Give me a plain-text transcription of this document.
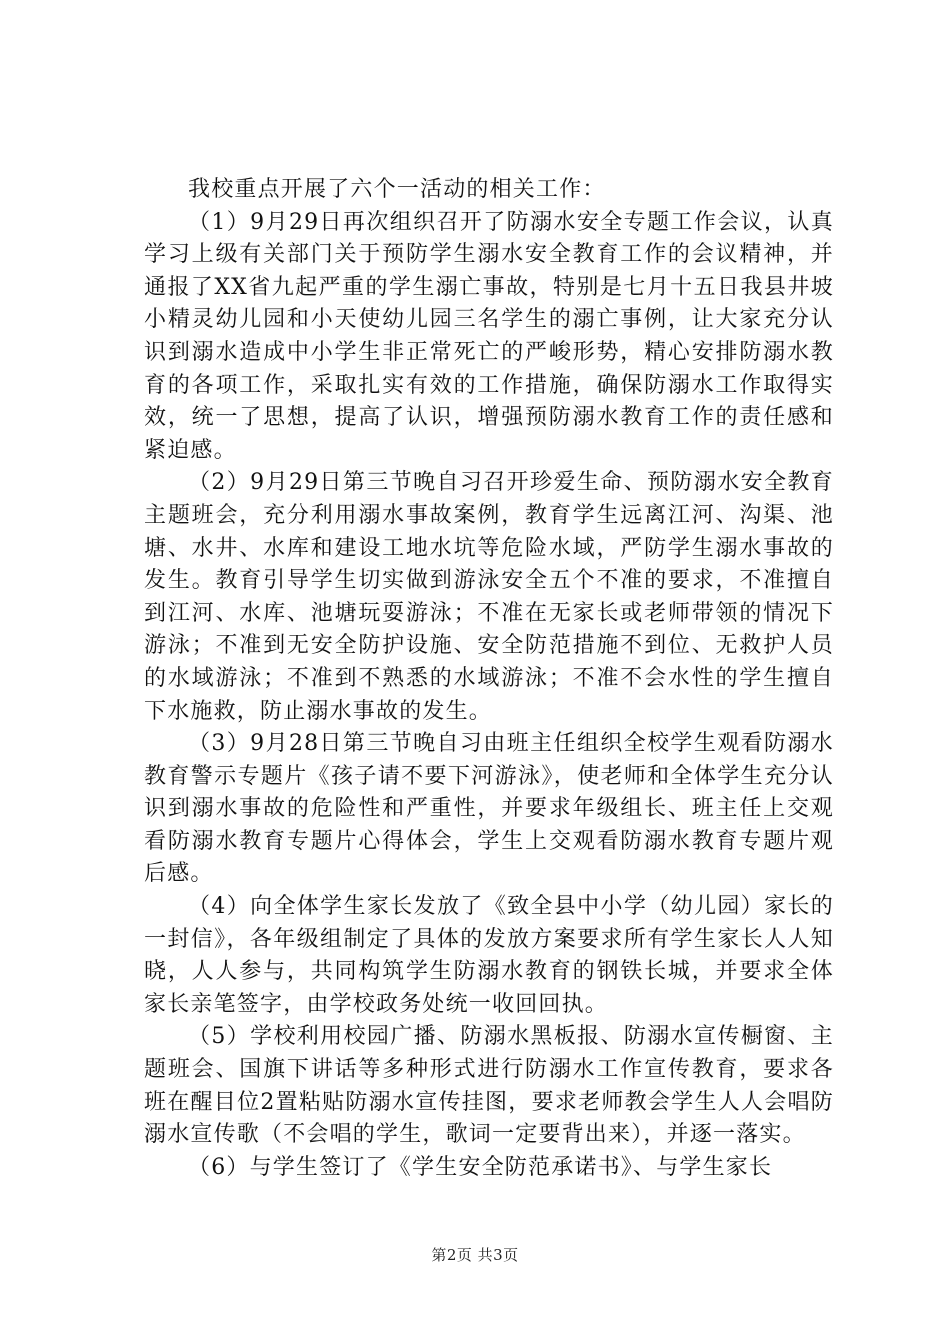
我校重点开展了六个一活动的相关工作：

（1）9月29日再次组织召开了防溺水安全专题工作会议，认真学习上级有关部门关于预防学生溺水安全教育工作的会议精神，并通报了XX省九起严重的学生溺亡事故，特别是七月十五日我县井坡小精灵幼儿园和小天使幼儿园三名学生的溺亡事例，让大家充分认识到溺水造成中小学生非正常死亡的严峻形势，精心安排防溺水教育的各项工作，采取扎实有效的工作措施，确保防溺水工作取得实效，统一了思想，提高了认识，增强预防溺水教育工作的责任感和紧迫感。

（2）9月29日第三节晚自习召开珍爱生命、预防溺水安全教育主题班会，充分利用溺水事故案例，教育学生远离江河、沟渠、池塘、水井、水库和建设工地水坑等危险水域，严防学生溺水事故的发生。教育引导学生切实做到游泳安全五个不准的要求，不准擅自到江河、水库、池塘玩耍游泳；不准在无家长或老师带领的情况下游泳；不准到无安全防护设施、安全防范措施不到位、无救护人员的水域游泳；不准到不熟悉的水域游泳；不准不会水性的学生擅自下水施救，防止溺水事故的发生。

（3）9月28日第三节晚自习由班主任组织全校学生观看防溺水教育警示专题片《孩子请不要下河游泳》，使老师和全体学生充分认识到溺水事故的危险性和严重性，并要求年级组长、班主任上交观看防溺水教育专题片心得体会，学生上交观看防溺水教育专题片观后感。

（4）向全体学生家长发放了《致全县中小学（幼儿园）家长的一封信》，各年级组制定了具体的发放方案要求所有学生家长人人知晓，人人参与，共同构筑学生防溺水教育的钢铁长城，并要求全体家长亲笔签字，由学校政务处统一收回回执。

（5）学校利用校园广播、防溺水黑板报、防溺水宣传橱窗、主题班会、国旗下讲话等多种形式进行防溺水工作宣传教育，要求各班在醒目位2置粘贴防溺水宣传挂图，要求老师教会学生人人会唱防溺水宣传歌（不会唱的学生，歌词一定要背出来），并逐一落实。

（6）与学生签订了《学生安全防范承诺书》、与学生家长

第2页 共3页
